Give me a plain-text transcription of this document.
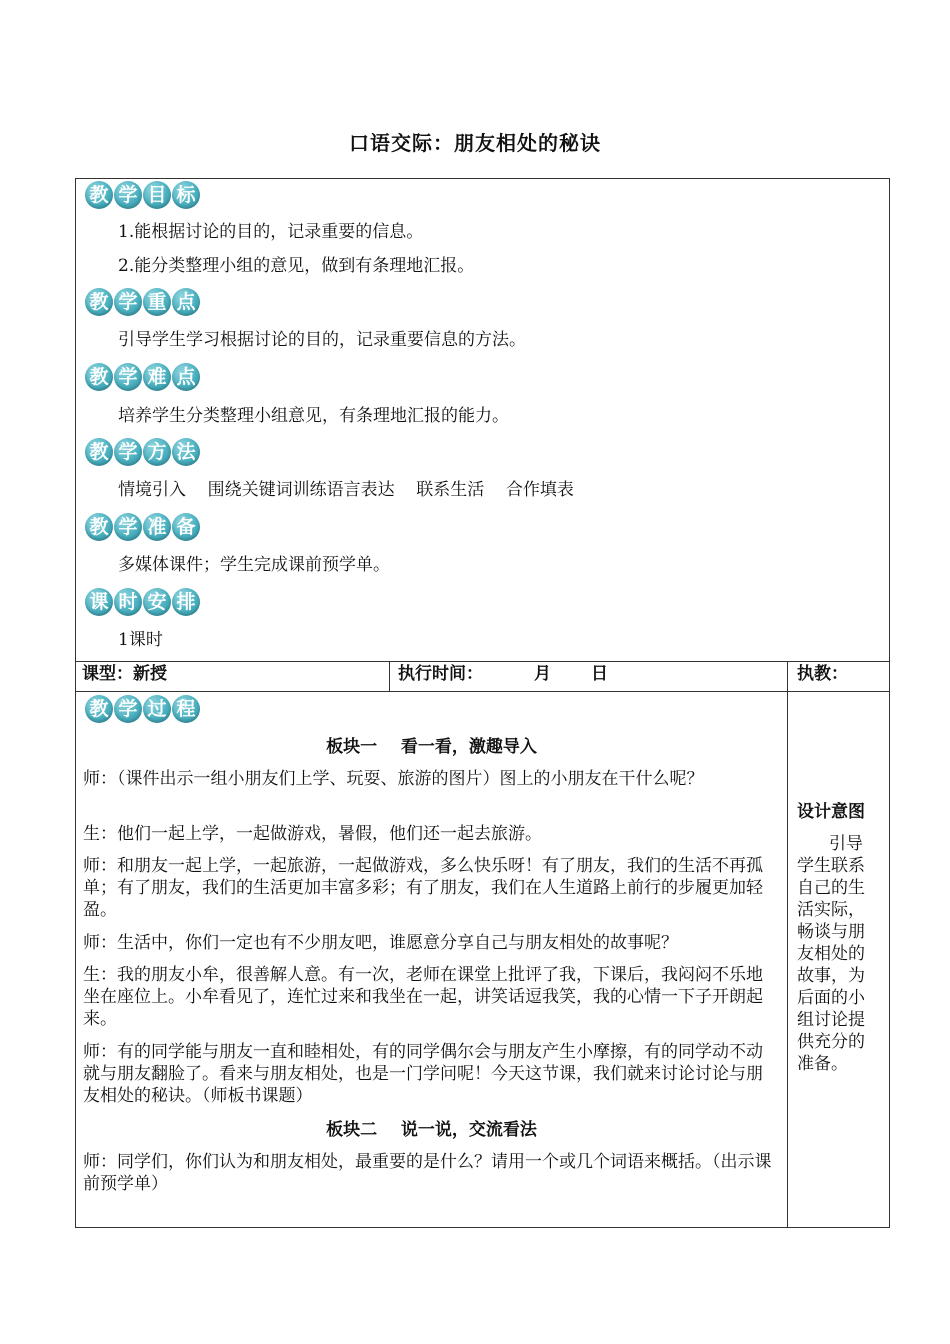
口语交际：朋友相处的秘诀
教 学 目 标
1.能根据讨论的目的，记录重要的信息。
2.能分类整理小组的意见，做到有条理地汇报。
教 学 重 点
引导学生学习根据讨论的目的，记录重要信息的方法。
教 学 难 点
培养学生分类整理小组意见，有条理地汇报的能力。
教 学 方 法
情境引入    围绕关键词训练语言表达    联系生活    合作填表
教 学 准 备
多媒体课件；学生完成课前预学单。
课 时 安 排
1课时
课型：新授	执行时间：	月 日	执教：
教 学 过 程
板块一    看一看，激趣导入
师：（课件出示一组小朋友们上学、玩耍、旅游的图片）图上的小朋友在干什么呢？
生：他们一起上学，一起做游戏，暑假，他们还一起去旅游。
师：和朋友一起上学，一起旅游，一起做游戏，多么快乐呀！有了朋友，我们的生活不再孤单；有了朋友，我们的生活更加丰富多彩；有了朋友，我们在人生道路上前行的步履更加轻盈。
师：生活中，你们一定也有不少朋友吧，谁愿意分享自己与朋友相处的故事呢？
生：我的朋友小牟，很善解人意。有一次，老师在课堂上批评了我，下课后，我闷闷不乐地坐在座位上。小牟看见了，连忙过来和我坐在一起，讲笑话逗我笑，我的心情一下子开朗起来。
师：有的同学能与朋友一直和睦相处，有的同学偶尔会与朋友产生小摩擦，有的同学动不动就与朋友翻脸了。看来与朋友相处，也是一门学问呢！今天这节课，我们就来讨论讨论与朋友相处的秘诀。（师板书课题）
板块二    说一说，交流看法
师：同学们，你们认为和朋友相处，最重要的是什么？请用一个或几个词语来概括。（出示课前预学单）
设计意图
引导学生联系自己的生活实际，畅谈与朋友相处的故事，为后面的小组讨论提供充分的准备。
